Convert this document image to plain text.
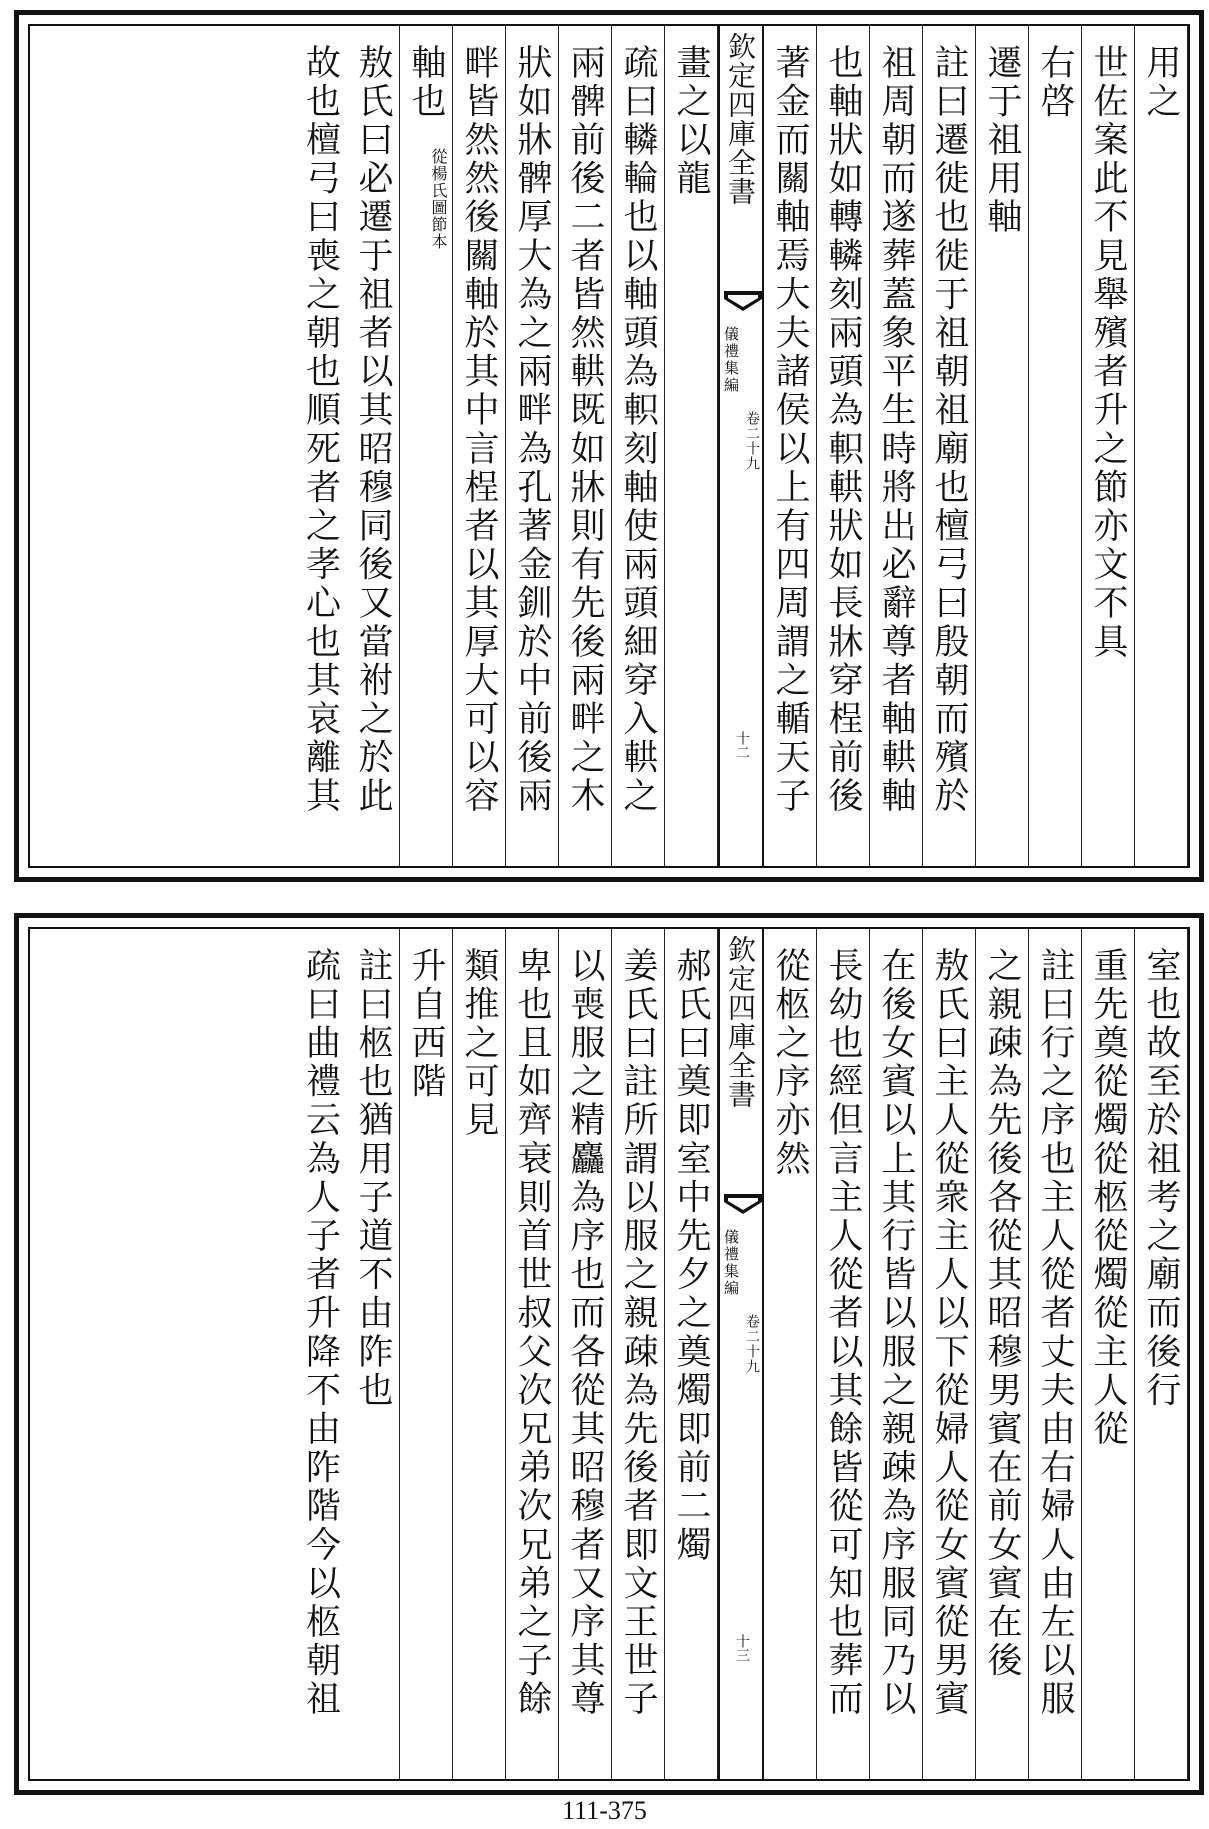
用之
世佐案此不見舉殯者升之節亦文不具
右啓
遷于祖用軸
註曰遷徙也徙于祖朝祖廟也檀弓曰殷朝而殯於
祖周朝而遂葬蓋象平生時將出必辭尊者軸輁軸
也軸狀如轉轔刻兩頭為軹輁狀如長牀穿桯前後
著金而關軸焉大夫諸侯以上有四周謂之輴天子
畫之以龍
疏曰轔輪也以軸頭為軹刻軸使兩頭細穿入輁之
兩髀前後二者皆然輁既如牀則有先後兩畔之木
狀如牀髀厚大為之兩畔為孔著金釧於中前後兩
畔皆然然後關軸於其中言桯者以其厚大可以容
軸也
從楊氏圖節本
敖氏曰必遷于祖者以其昭穆同後又當祔之於此
故也檀弓曰喪之朝也順死者之孝心也其哀離其	欽定四庫全書
儀禮集編
卷二十九
十二
室也故至於祖考之廟而後行
重先奠從燭從柩從燭從主人從
註曰行之序也主人從者丈夫由右婦人由左以服
之親疎為先後各從其昭穆男賓在前女賓在後
敖氏曰主人從衆主人以下從婦人從女賓從男賓
在後女賓以上其行皆以服之親疎為序服同乃以
長幼也經但言主人從者以其餘皆從可知也葬而
從柩之序亦然
郝氏曰奠即室中先夕之奠燭即前二燭
姜氏曰註所謂以服之親疎為先後者即文王世子
以喪服之精麤為序也而各從其昭穆者又序其尊
卑也且如齊衰則首世叔父次兄弟次兄弟之子餘
類推之可見
升自西階
註曰柩也猶用子道不由阼也
疏曰曲禮云為人子者升降不由阼階今以柩朝祖	欽定四庫全書
儀禮集編
卷二十九
十三
111-375
